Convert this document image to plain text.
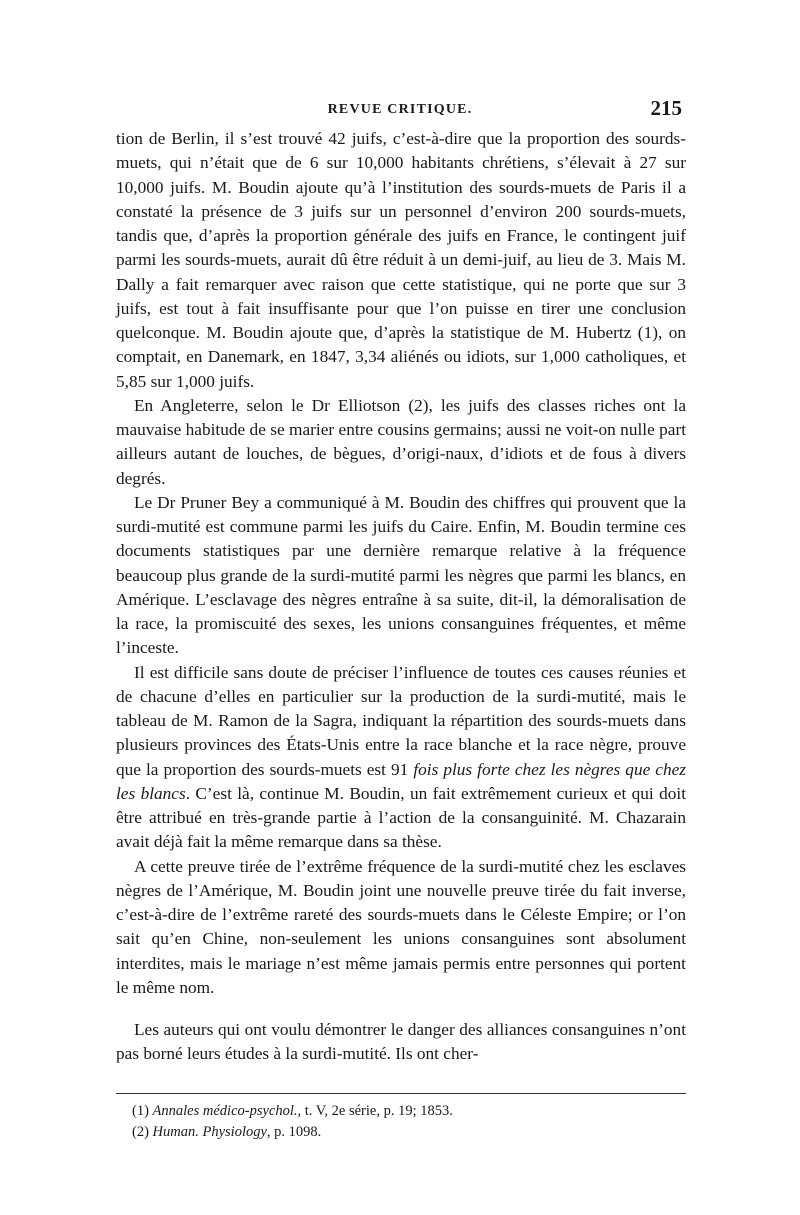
REVUE CRITIQUE.	215

tion de Berlin, il s’est trouvé 42 juifs, c’est-à-dire que la proportion des sourds-muets, qui n’était que de 6 sur 10,000 habitants chrétiens, s’élevait à 27 sur 10,000 juifs. M. Boudin ajoute qu’à l’institution des sourds-muets de Paris il a constaté la présence de 3 juifs sur un personnel d’environ 200 sourds-muets, tandis que, d’après la proportion générale des juifs en France, le contingent juif parmi les sourds-muets, aurait dû être réduit à un demi-juif, au lieu de 3. Mais M. Dally a fait remarquer avec raison que cette statistique, qui ne porte que sur 3 juifs, est tout à fait insuffisante pour que l’on puisse en tirer une conclusion quelconque. M. Boudin ajoute que, d’après la statistique de M. Hubertz (1), on comptait, en Danemark, en 1847, 3,34 aliénés ou idiots, sur 1,000 catholiques, et 5,85 sur 1,000 juifs.

En Angleterre, selon le Dr Elliotson (2), les juifs des classes riches ont la mauvaise habitude de se marier entre cousins germains; aussi ne voit-on nulle part ailleurs autant de louches, de bègues, d’origi-naux, d’idiots et de fous à divers degrés.

Le Dr Pruner Bey a communiqué à M. Boudin des chiffres qui prouvent que la surdi-mutité est commune parmi les juifs du Caire. Enfin, M. Boudin termine ces documents statistiques par une dernière remarque relative à la fréquence beaucoup plus grande de la surdi-mutité parmi les nègres que parmi les blancs, en Amérique. L’esclavage des nègres entraîne à sa suite, dit-il, la démoralisation de la race, la promiscuité des sexes, les unions consanguines fréquentes, et même l’inceste.

Il est difficile sans doute de préciser l’influence de toutes ces causes réunies et de chacune d’elles en particulier sur la production de la surdi-mutité, mais le tableau de M. Ramon de la Sagra, indiquant la répartition des sourds-muets dans plusieurs provinces des États-Unis entre la race blanche et la race nègre, prouve que la proportion des sourds-muets est 91 fois plus forte chez les nègres que chez les blancs. C’est là, continue M. Boudin, un fait extrêmement curieux et qui doit être attribué en très-grande partie à l’action de la consanguinité. M. Chazarain avait déjà fait la même remarque dans sa thèse.

A cette preuve tirée de l’extrême fréquence de la surdi-mutité chez les esclaves nègres de l’Amérique, M. Boudin joint une nouvelle preuve tirée du fait inverse, c’est-à-dire de l’extrême rareté des sourds-muets dans le Céleste Empire; or l’on sait qu’en Chine, non-seulement les unions consanguines sont absolument interdites, mais le mariage n’est même jamais permis entre personnes qui portent le même nom.

Les auteurs qui ont voulu démontrer le danger des alliances consanguines n’ont pas borné leurs études à la surdi-mutité. Ils ont cher-

(1) Annales médico-psychol., t. V, 2e série, p. 19; 1853.
(2) Human. Physiology, p. 1098.
